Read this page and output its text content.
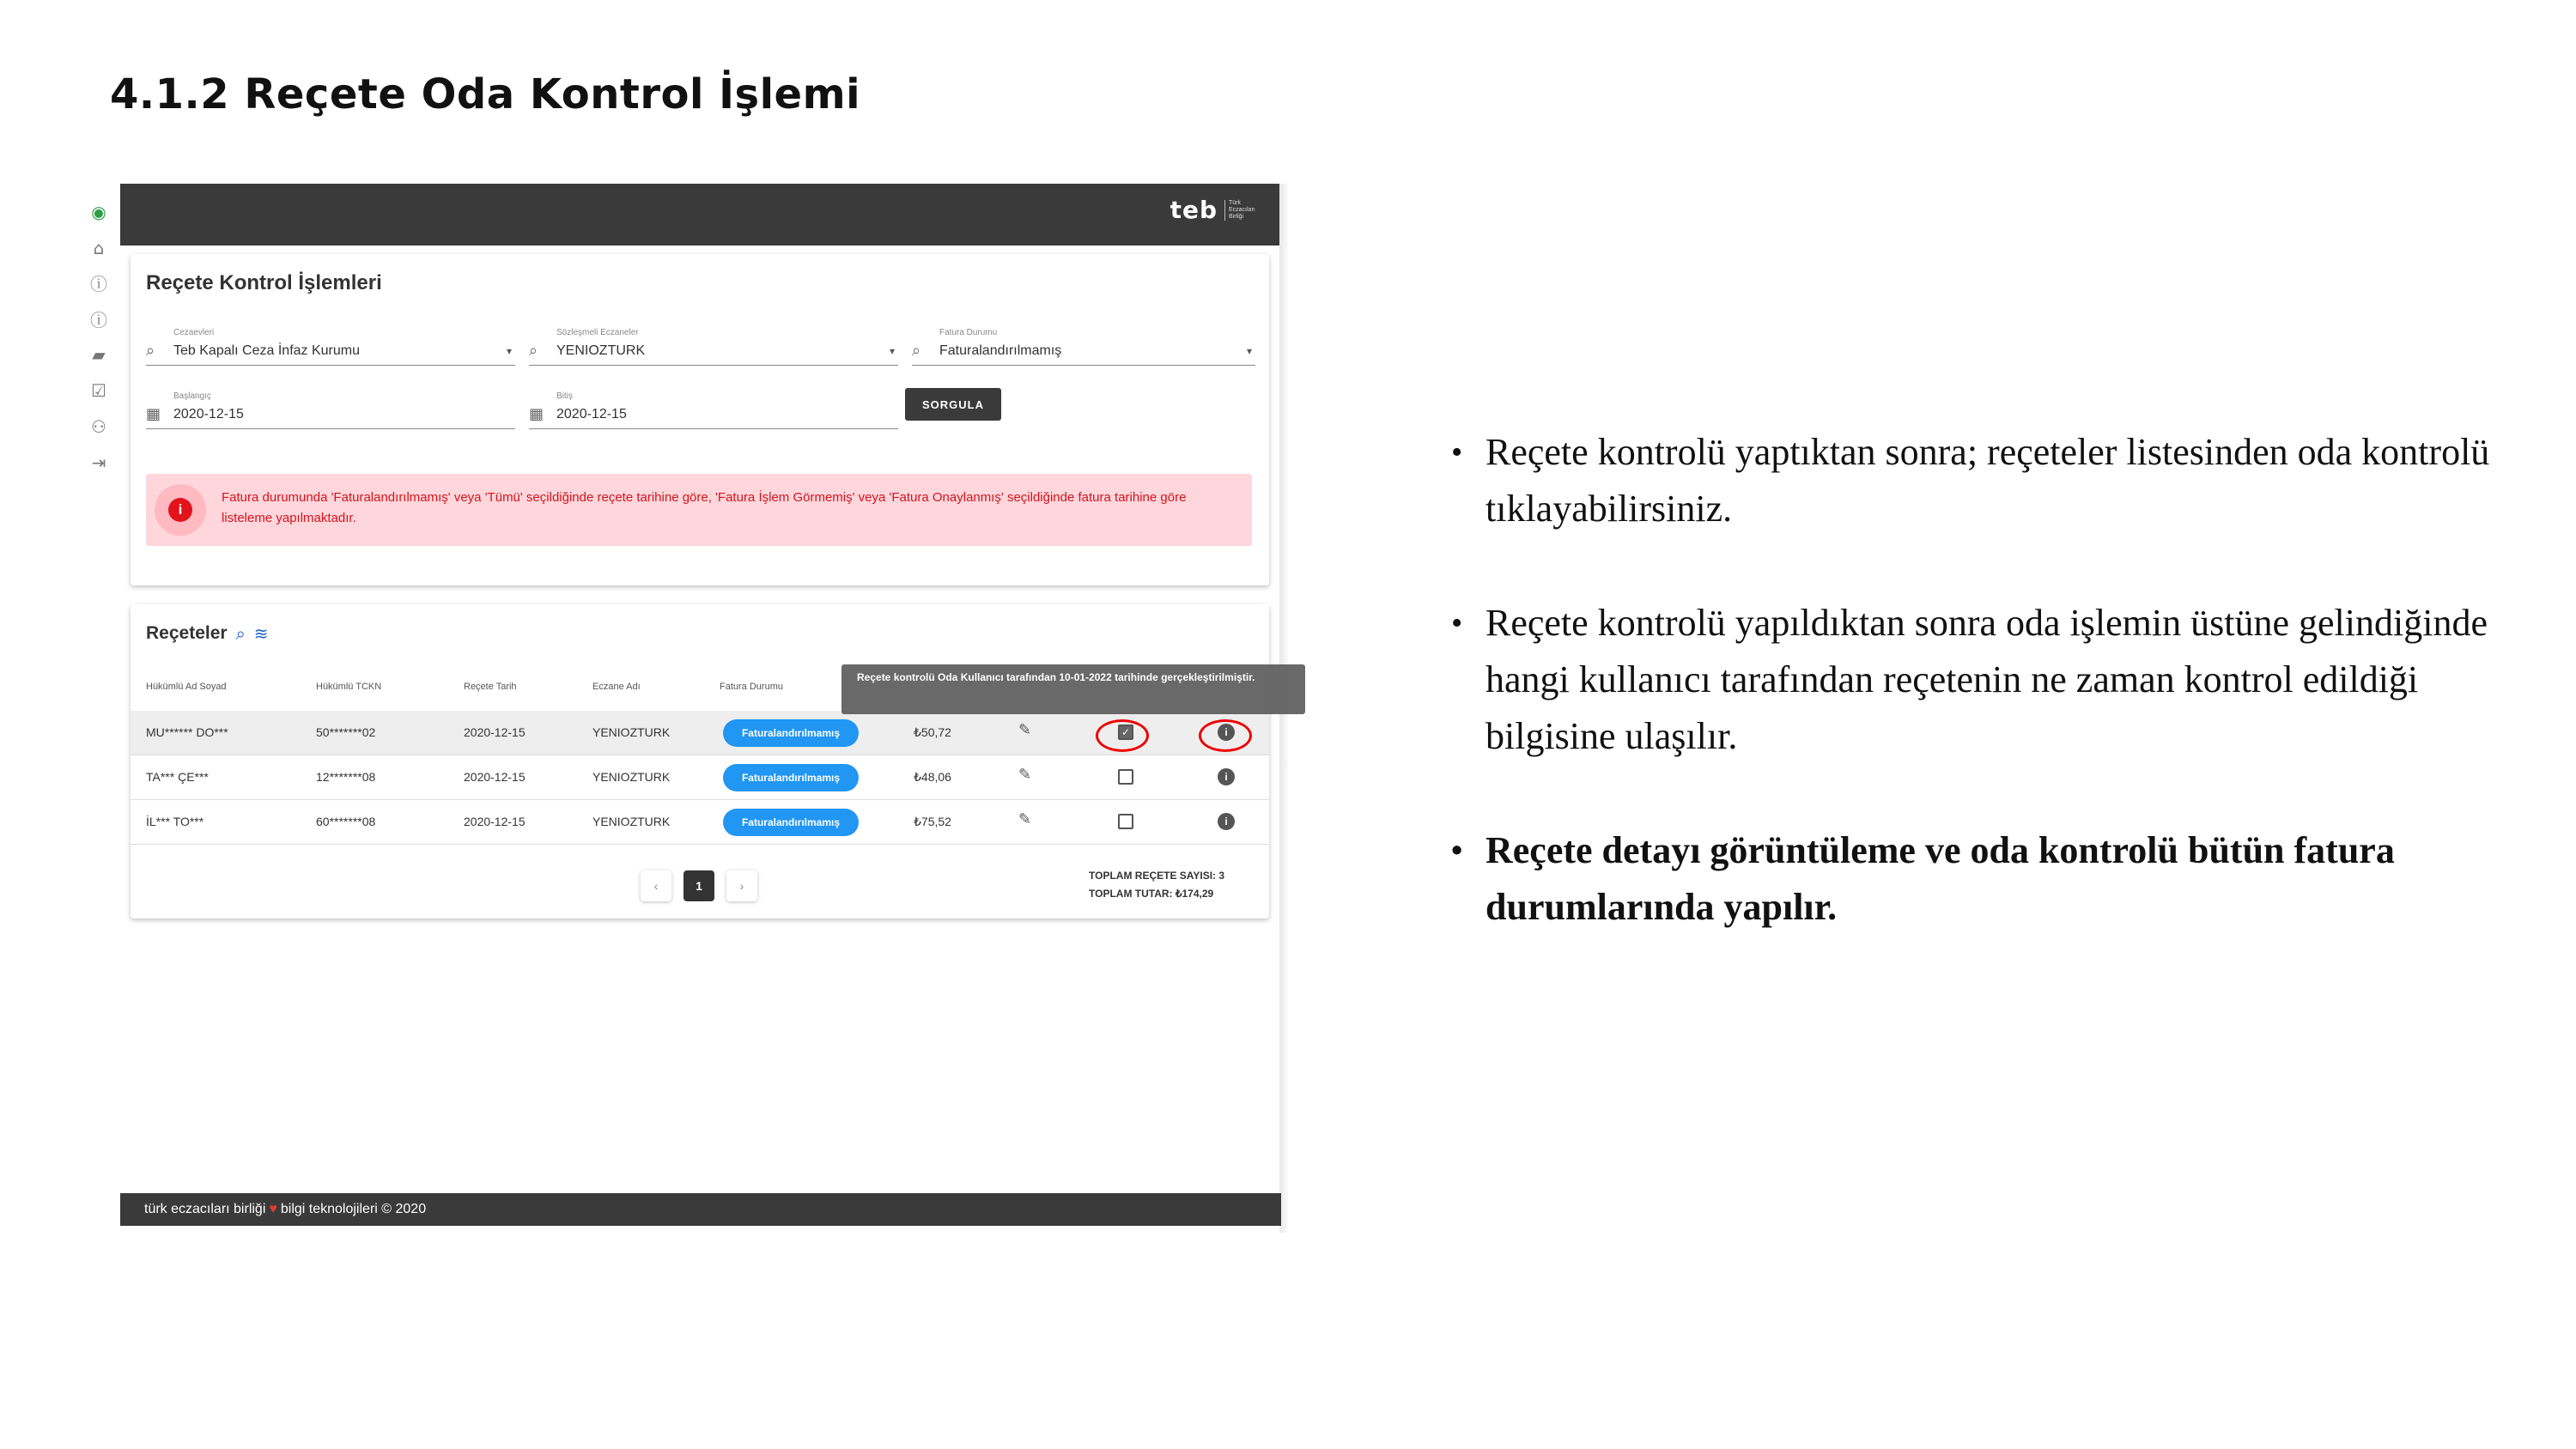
4.1.2 Reçete Oda Kontrol İşlemi
◉
⌂
ⓘ
ⓘ
▰
☑
⚇
⇥
teb	Türk Eczacıları Birliği
Reçete Kontrol İşlemleri
Cezaevleri
⌕ Teb Kapalı Ceza İnfaz Kurumu	▾
Sözleşmeli Eczaneler
⌕ YENIOZTURK	▾
Fatura Durumu
⌕ Faturalandırılmamış	▾
Başlangıç
▦ 2020-12-15
Bitiş
▦ 2020-12-15
SORGULA
i
Fatura durumunda 'Faturalandırılmamış' veya 'Tümü' seçildiğinde reçete tarihine göre, 'Fatura İşlem Görmemiş' veya 'Fatura Onaylanmış' seçildiğinde fatura tarihine göre listeleme yapılmaktadır.
Reçeteler ⌕ ≋
Hükümlü Ad Soyad	Hükümlü TCKN	Reçete Tarih	Eczane Adı	Fatura Durumu
MU****** DO***	50*******02	2020-12-15	YENIOZTURK	Faturalandırılmamış	₺50,72	✎	✓	i
TA*** ÇE***	12*******08	2020-12-15	YENIOZTURK	Faturalandırılmamış	₺48,06	✎	i
İL*** TO***	60*******08	2020-12-15	YENIOZTURK	Faturalandırılmamış	₺75,52	✎	i
‹	1	›
TOPLAM REÇETE SAYISI: 3
TOPLAM TUTAR: ₺174,29
Reçete kontrolü Oda Kullanıcı tarafından 10-01-2022 tarihinde gerçekleştirilmiştir.
türk eczacıları birliği ♥ bilgi teknolojileri © 2020
• Reçete kontrolü yaptıktan sonra; reçeteler listesinden oda kontrolü tıklayabilirsiniz.
• Reçete kontrolü yapıldıktan sonra oda işlemin üstüne gelindiğinde hangi kullanıcı tarafından reçetenin ne zaman kontrol edildiği bilgisine ulaşılır.
• Reçete detayı görüntüleme ve oda kontrolü bütün fatura durumlarında yapılır.
